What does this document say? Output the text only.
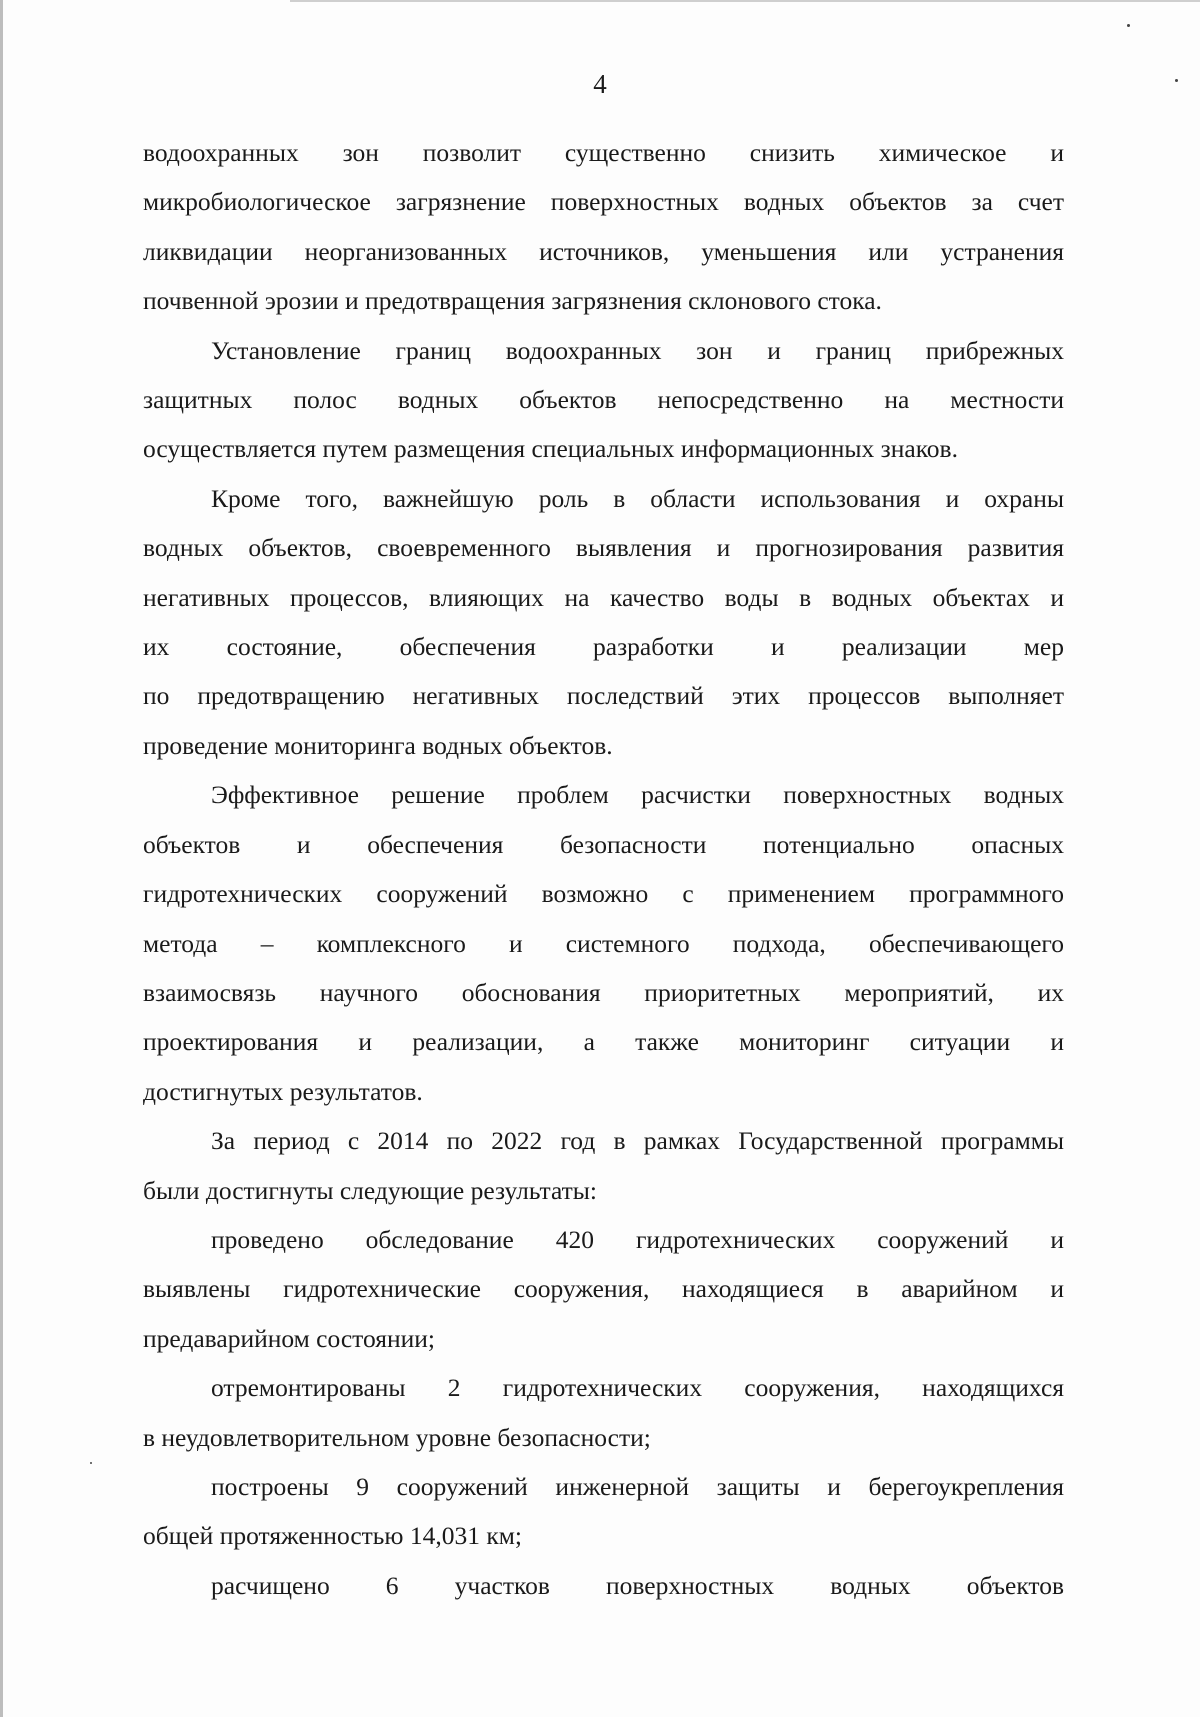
4

водоохранных зон позволит существенно снизить химическое и
микробиологическое загрязнение поверхностных водных объектов за счет
ликвидации неорганизованных источников, уменьшения или устранения
почвенной эрозии и предотвращения загрязнения склонового стока.

Установление границ водоохранных зон и границ прибрежных
защитных полос водных объектов непосредственно на местности
осуществляется путем размещения специальных информационных знаков.

Кроме того, важнейшую роль в области использования и охраны
водных объектов, своевременного выявления и прогнозирования развития
негативных процессов, влияющих на качество воды в водных объектах и
их состояние, обеспечения разработки и реализации мер
по предотвращению негативных последствий этих процессов выполняет
проведение мониторинга водных объектов.

Эффективное решение проблем расчистки поверхностных водных
объектов и обеспечения безопасности потенциально опасных
гидротехнических сооружений возможно с применением программного
метода – комплексного и системного подхода, обеспечивающего
взаимосвязь научного обоснования приоритетных мероприятий, их
проектирования и реализации, а также мониторинг ситуации и
достигнутых результатов.

За период с 2014 по 2022 год в рамках Государственной программы
были достигнуты следующие результаты:

проведено обследование 420 гидротехнических сооружений и
выявлены гидротехнические сооружения, находящиеся в аварийном и
предаварийном состоянии;

отремонтированы 2 гидротехнических сооружения, находящихся
в неудовлетворительном уровне безопасности;

построены 9 сооружений инженерной защиты и берегоукрепления
общей протяженностью 14,031 км;

расчищено 6 участков поверхностных водных объектов
